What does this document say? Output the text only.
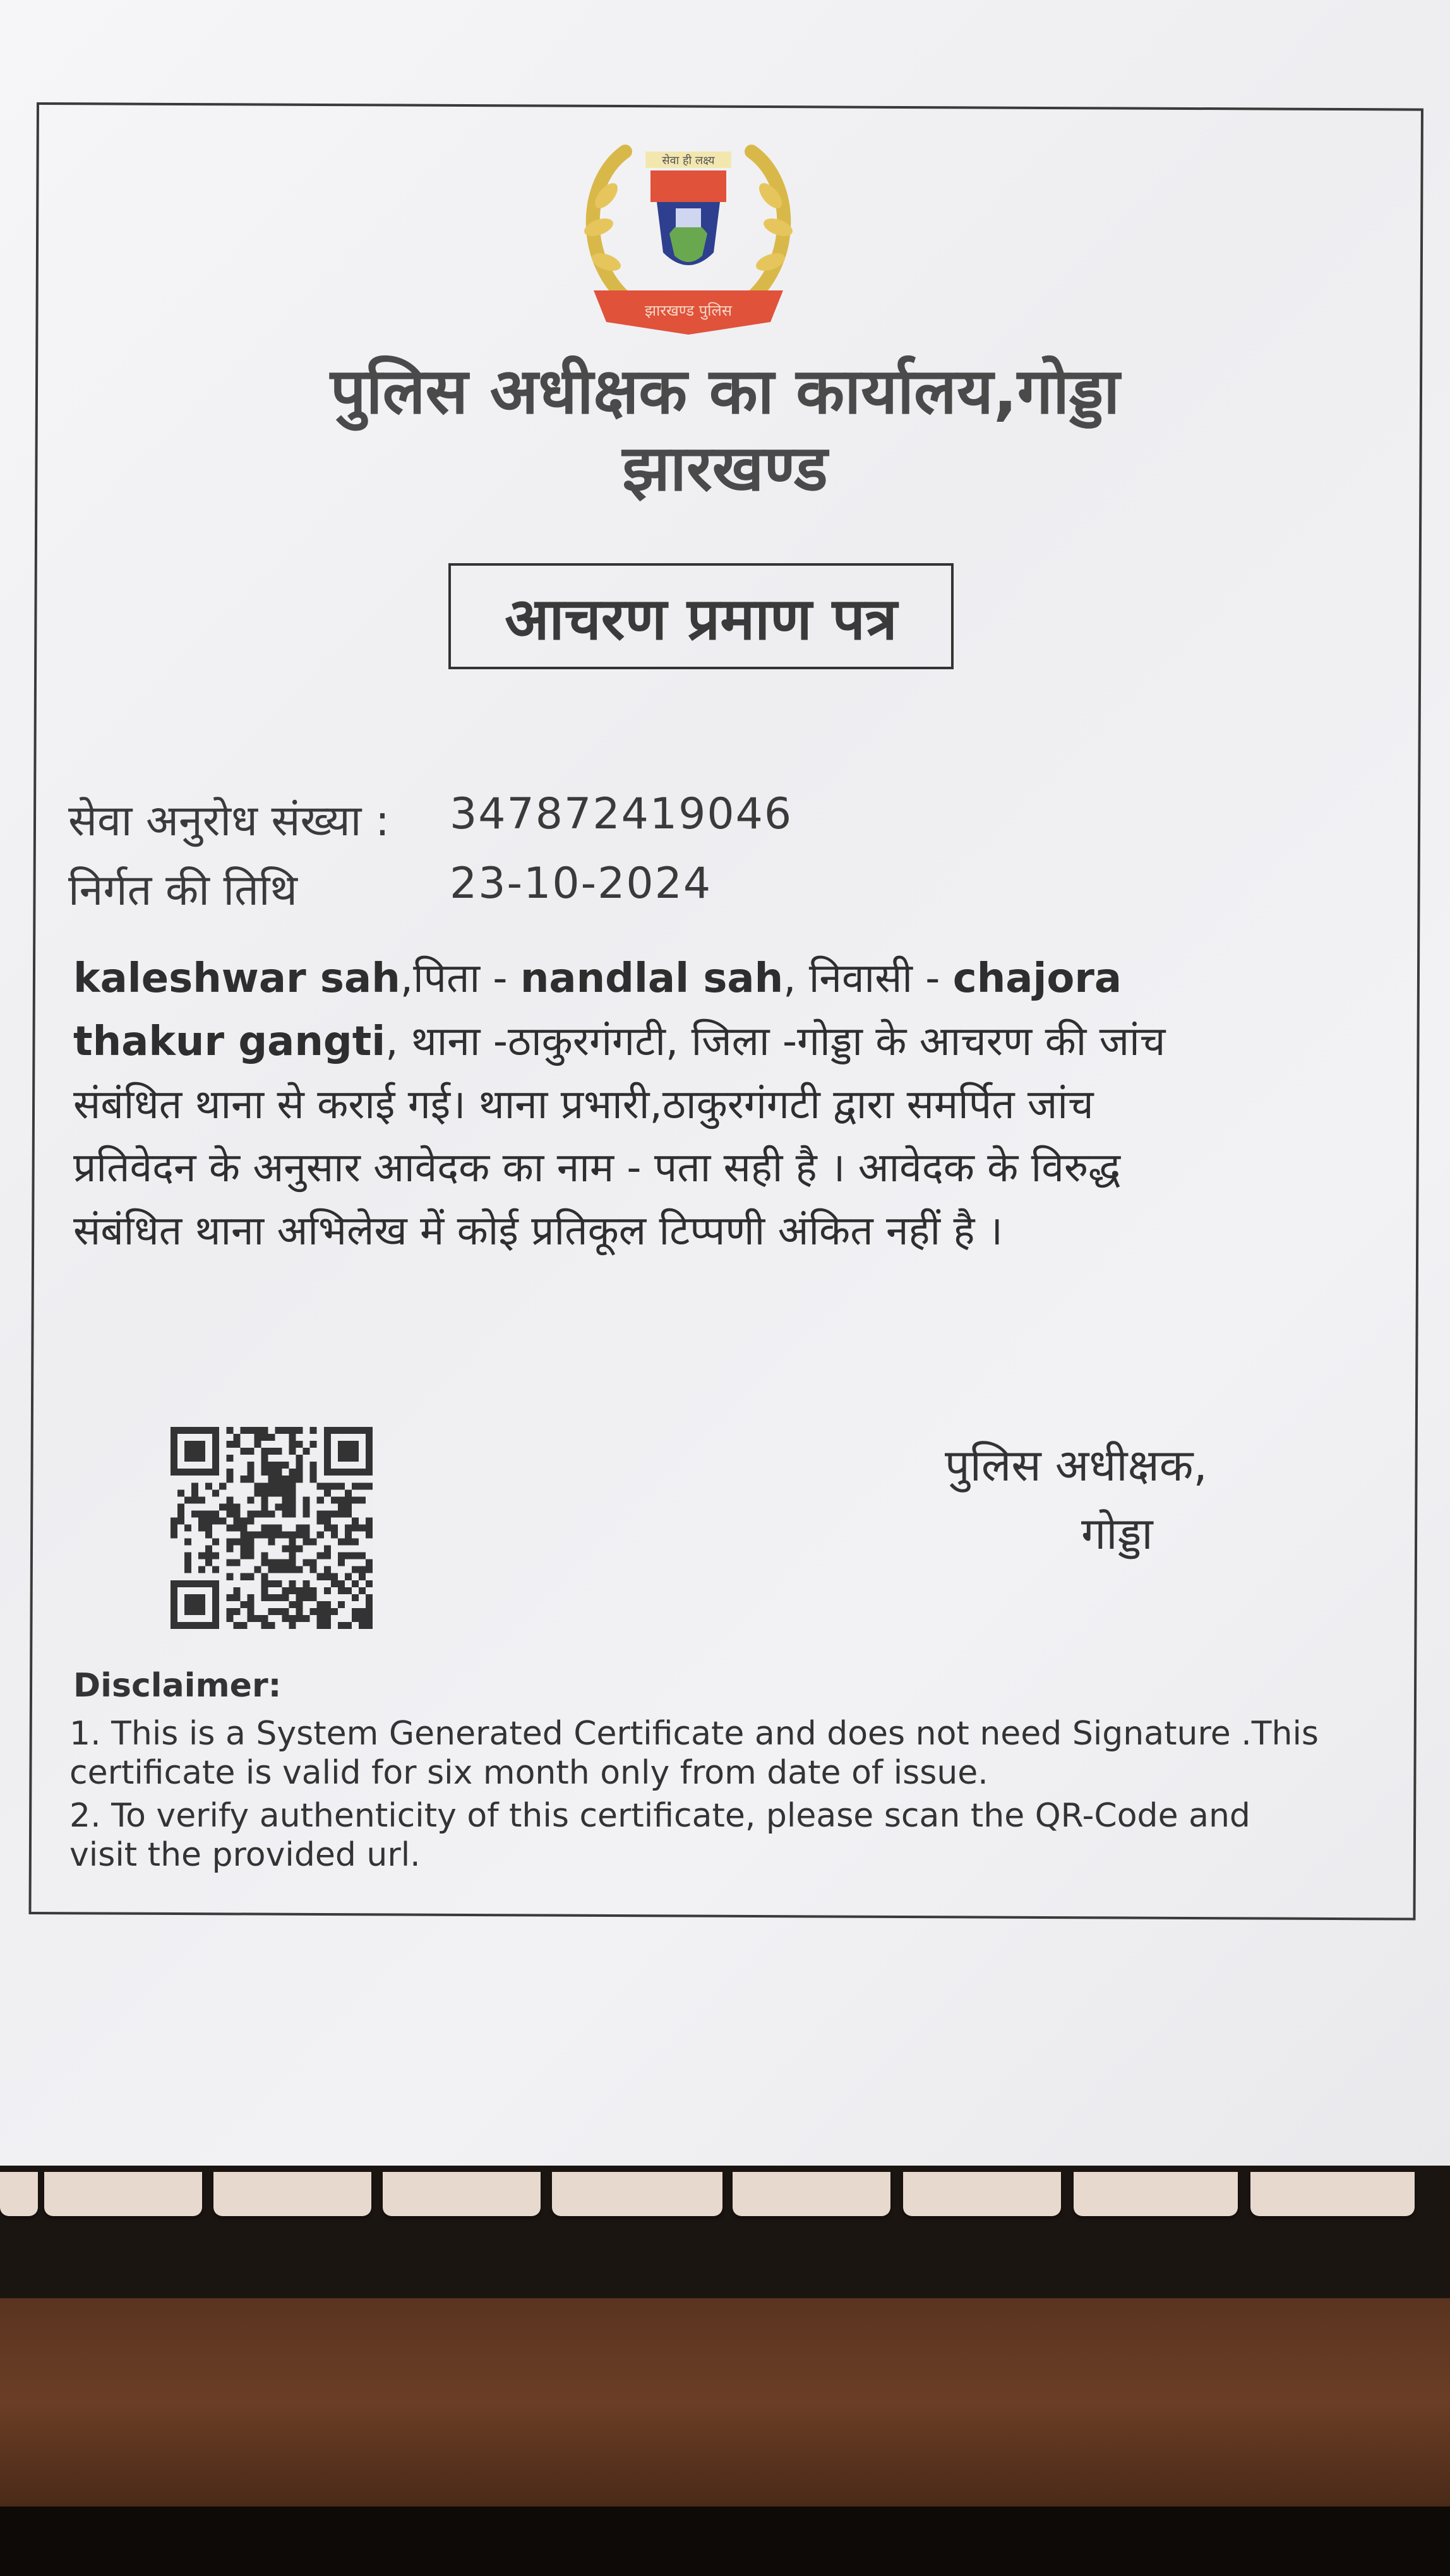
सेवा ही लक्ष्य
झारखण्ड पुलिस
पुलिस अधीक्षक का कार्यालय,गोड्डा
झारखण्ड
आचरण प्रमाण पत्र
सेवा अनुरोध संख्या : 347872419046
निर्गत की तिथि	23-10-2024
kaleshwar sah,पिता - nandlal sah, निवासी - chajora
thakur gangti, थाना -ठाकुरगंगटी, जिला -गोड्डा के आचरण की जांच
संबंधित थाना से कराई गई। थाना प्रभारी,ठाकुरगंगटी द्वारा समर्पित जांच
प्रतिवेदन के अनुसार आवेदक का नाम - पता सही है । आवेदक के विरुद्ध
संबंधित थाना अभिलेख में कोई प्रतिकूल टिप्पणी अंकित नहीं है ।
पुलिस अधीक्षक,
गोड्डा
Disclaimer:
1. This is a System Generated Certificate and does not need Signature .This
certificate is valid for six month only from date of issue.
2. To verify authenticity of this certificate, please scan the QR-Code and
visit the provided url.
